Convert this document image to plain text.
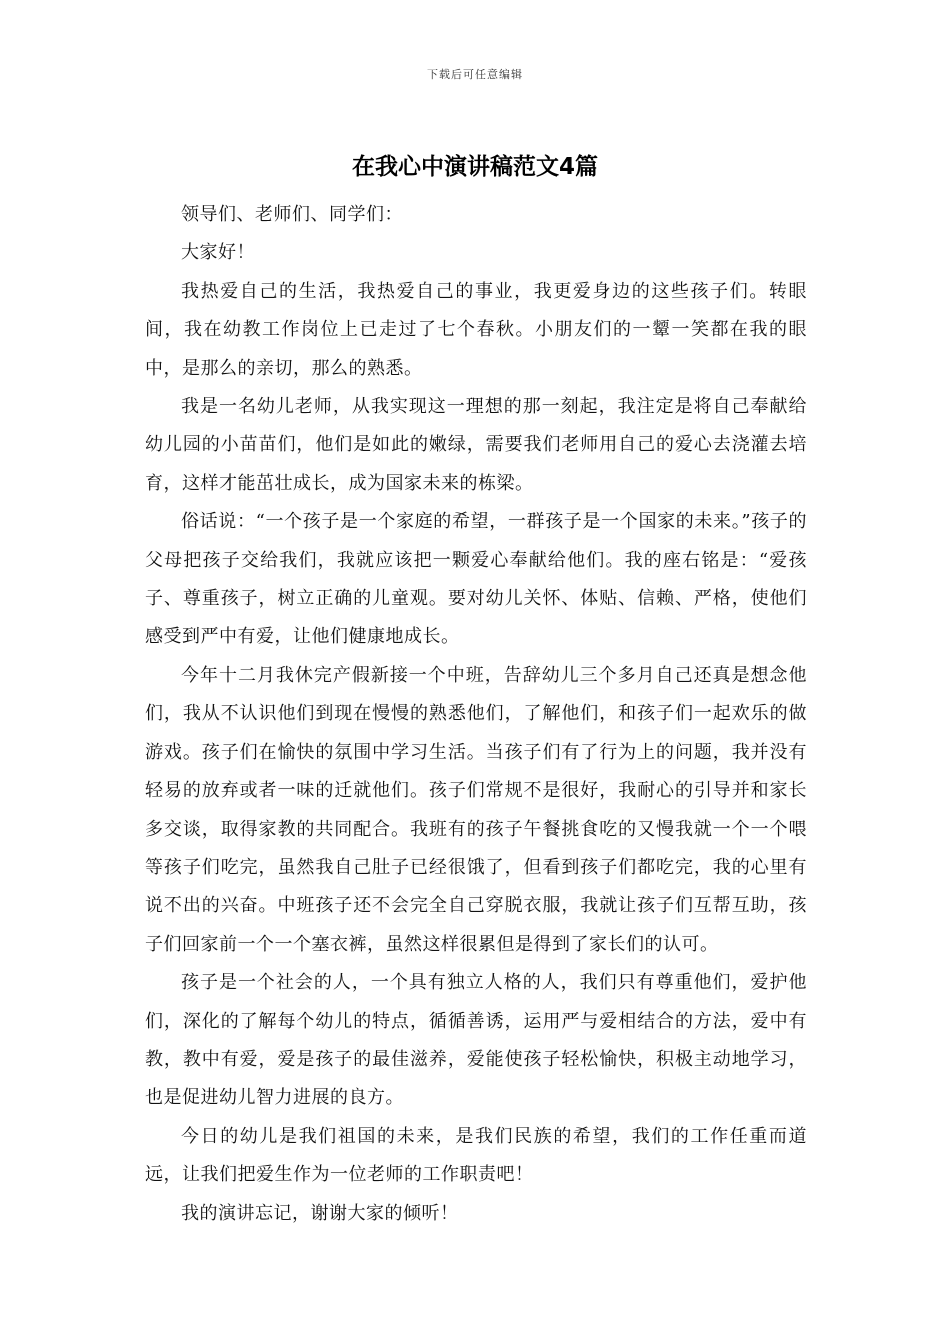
下载后可任意编辑
在我心中演讲稿范文4篇

领导们、老师们、同学们：

大家好！

我热爱自己的生活，我热爱自己的事业，我更爱身边的这些孩子们。转眼间，我在幼教工作岗位上已走过了七个春秋。小朋友们的一颦一笑都在我的眼中，是那么的亲切，那么的熟悉。

我是一名幼儿老师，从我实现这一理想的那一刻起，我注定是将自己奉献给幼儿园的小苗苗们，他们是如此的嫩绿，需要我们老师用自己的爱心去浇灌去培育，这样才能茁壮成长，成为国家未来的栋梁。

俗话说：“一个孩子是一个家庭的希望，一群孩子是一个国家的未来。”孩子的父母把孩子交给我们，我就应该把一颗爱心奉献给他们。我的座右铭是：“爱孩子、尊重孩子，树立正确的儿童观。要对幼儿关怀、体贴、信赖、严格，使他们感受到严中有爱，让他们健康地成长。

今年十二月我休完产假新接一个中班，告辞幼儿三个多月自己还真是想念他们，我从不认识他们到现在慢慢的熟悉他们，了解他们，和孩子们一起欢乐的做游戏。孩子们在愉快的氛围中学习生活。当孩子们有了行为上的问题，我并没有轻易的放弃或者一味的迁就他们。孩子们常规不是很好，我耐心的引导并和家长多交谈，取得家教的共同配合。我班有的孩子午餐挑食吃的又慢我就一个一个喂等孩子们吃完，虽然我自己肚子已经很饿了，但看到孩子们都吃完，我的心里有说不出的兴奋。中班孩子还不会完全自己穿脱衣服，我就让孩子们互帮互助，孩子们回家前一个一个塞衣裤，虽然这样很累但是得到了家长们的认可。

孩子是一个社会的人，一个具有独立人格的人，我们只有尊重他们，爱护他们，深化的了解每个幼儿的特点，循循善诱，运用严与爱相结合的方法，爱中有教，教中有爱，爱是孩子的最佳滋养，爱能使孩子轻松愉快，积极主动地学习，也是促进幼儿智力进展的良方。

今日的幼儿是我们祖国的未来，是我们民族的希望，我们的工作任重而道远，让我们把爱生作为一位老师的工作职责吧！

我的演讲忘记，谢谢大家的倾听！
